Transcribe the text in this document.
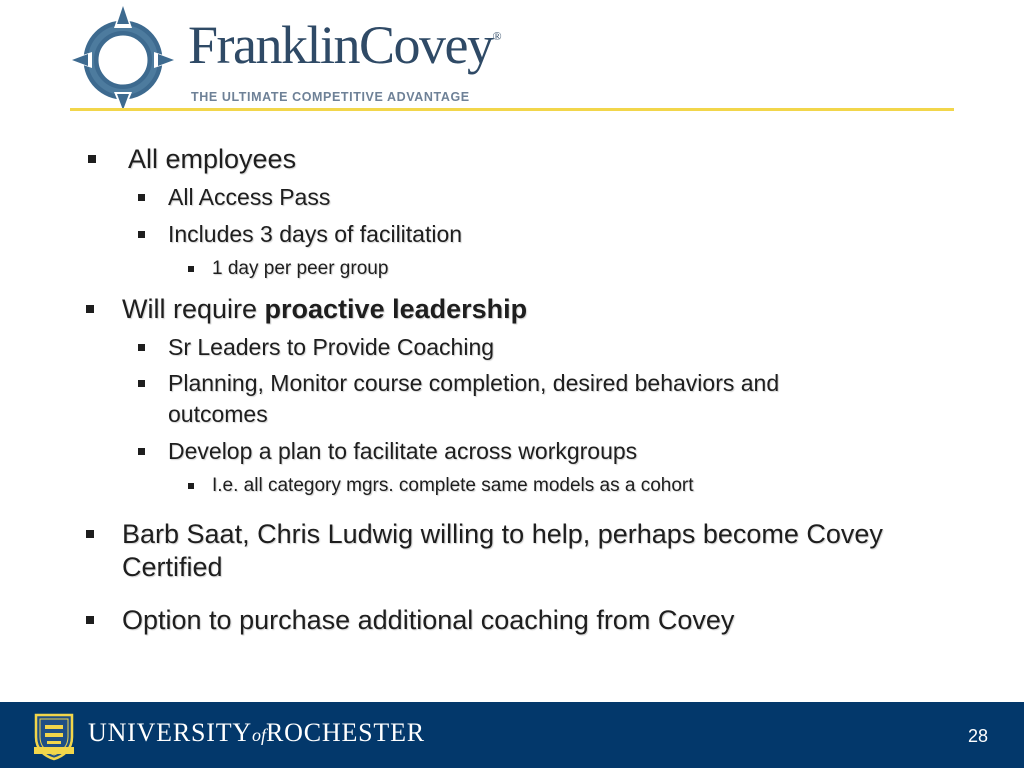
FranklinCovey®
THE ULTIMATE COMPETITIVE ADVANTAGE
All employees
All Access Pass
Includes 3 days of facilitation
1 day per peer group
Will require proactive leadership
Sr Leaders to Provide Coaching
Planning, Monitor course completion, desired behaviors and
outcomes
Develop a plan to facilitate across workgroups
I.e. all category mgrs. complete same models as a cohort
Barb Saat, Chris Ludwig willing to help, perhaps become Covey
Certified
Option to purchase additional coaching from Covey
UNIVERSITYofROCHESTER	28
